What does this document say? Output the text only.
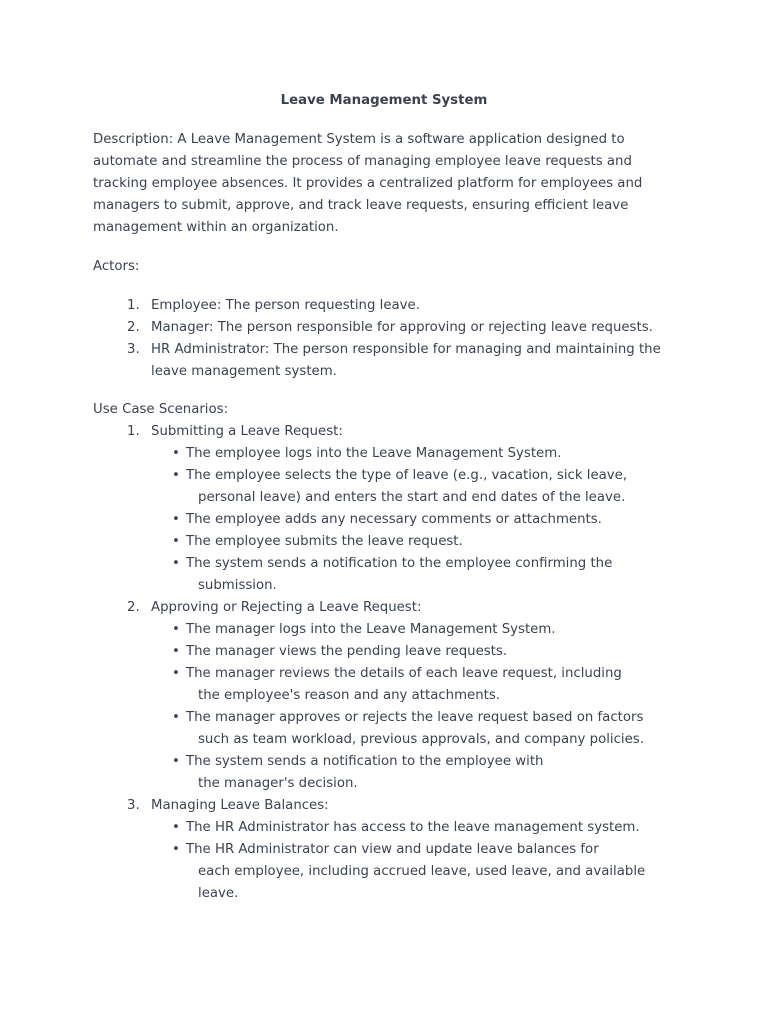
Leave Management System
Description: A Leave Management System is a software application designed to
automate and streamline the process of managing employee leave requests and
tracking employee absences. It provides a centralized platform for employees and
managers to submit, approve, and track leave requests, ensuring efficient leave
management within an organization.
Actors:
1. Employee: The person requesting leave.
2. Manager: The person responsible for approving or rejecting leave requests.
3. HR Administrator: The person responsible for managing and maintaining the
leave management system.
Use Case Scenarios:
1. Submitting a Leave Request:
• The employee logs into the Leave Management System.
• The employee selects the type of leave (e.g., vacation, sick leave,
personal leave) and enters the start and end dates of the leave.
• The employee adds any necessary comments or attachments.
• The employee submits the leave request.
• The system sends a notification to the employee confirming the
submission.
2. Approving or Rejecting a Leave Request:
• The manager logs into the Leave Management System.
• The manager views the pending leave requests.
• The manager reviews the details of each leave request, including
the employee's reason and any attachments.
• The manager approves or rejects the leave request based on factors
such as team workload, previous approvals, and company policies.
• The system sends a notification to the employee with
the manager's decision.
3. Managing Leave Balances:
• The HR Administrator has access to the leave management system.
• The HR Administrator can view and update leave balances for
each employee, including accrued leave, used leave, and available
leave.
